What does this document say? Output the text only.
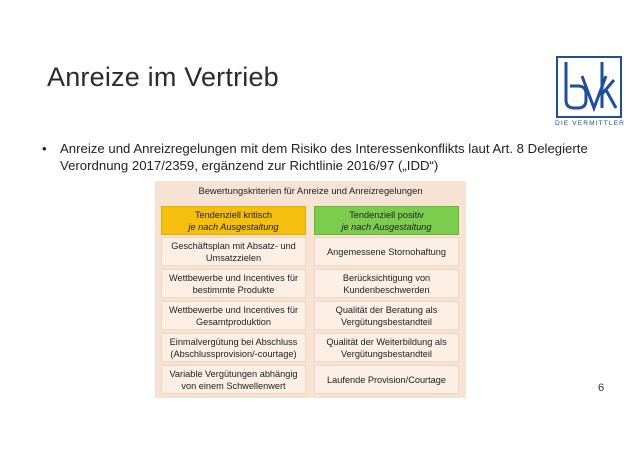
Anreize im Vertrieb
DIE VERMITTLER
• Anreize und Anreizregelungen mit dem Risiko des Interessenkonflikts laut Art. 8 Delegierte Verordnung 2017/2359, ergänzend zur Richtlinie 2016/97 („IDD“)
Bewertungskriterien für Anreize und Anreizregelungen
Tendenziell kritisch
je nach Ausgestaltung
Tendenziell positiv
je nach Ausgestaltung
Geschäftsplan mit Absatz- und
Umsatzzielen
Angemessene Stornohaftung
Wettbewerbe und Incentives für
bestimmte Produkte
Berücksichtigung von
Kundenbeschwerden
Wettbewerbe und Incentives für
Gesamtproduktion
Qualität der Beratung als
Vergütungsbestandteil
Einmalvergütung bei Abschluss
(Abschlussprovision/-courtage)
Qualität der Weiterbildung als
Vergütungsbestandteil
Variable Vergütungen abhängig
von einem Schwellenwert
Laufende Provision/Courtage
6
